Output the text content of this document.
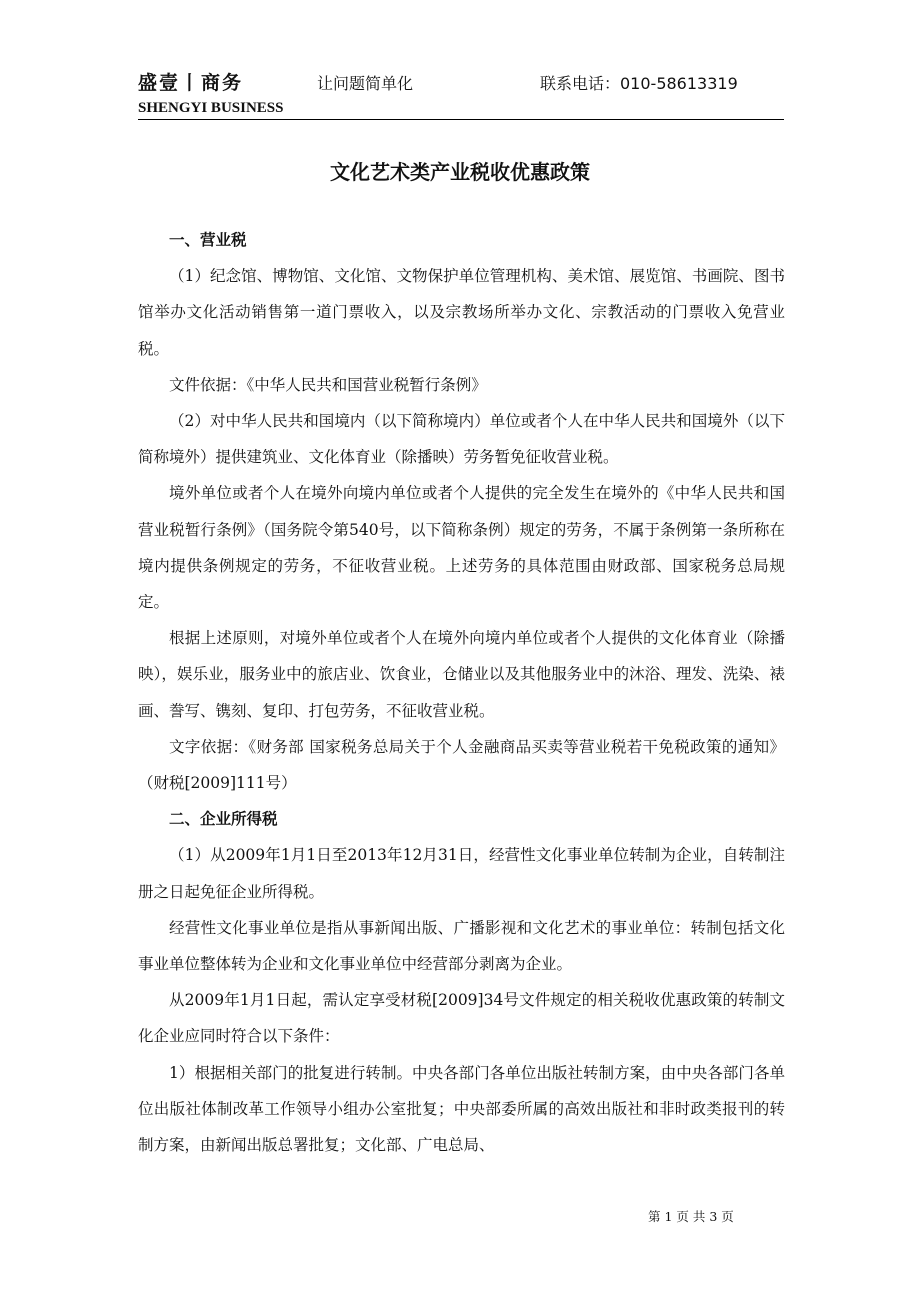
盛壹丨商务	让问题简单化	联系电话：010-58613319
SHENGYI BUSINESS
文化艺术类产业税收优惠政策

一、营业税

（1）纪念馆、博物馆、文化馆、文物保护单位管理机构、美术馆、展览馆、书画院、图书馆举办文化活动销售第一道门票收入，以及宗教场所举办文化、宗教活动的门票收入免营业税。

文件依据：《中华人民共和国营业税暂行条例》

（2）对中华人民共和国境内（以下简称境内）单位或者个人在中华人民共和国境外（以下简称境外）提供建筑业、文化体育业（除播映）劳务暂免征收营业税。

境外单位或者个人在境外向境内单位或者个人提供的完全发生在境外的《中华人民共和国营业税暂行条例》（国务院令第540号，以下简称条例）规定的劳务，不属于条例第一条所称在境内提供条例规定的劳务，不征收营业税。上述劳务的具体范围由财政部、国家税务总局规定。

根据上述原则，对境外单位或者个人在境外向境内单位或者个人提供的文化体育业（除播映），娱乐业，服务业中的旅店业、饮食业，仓储业以及其他服务业中的沐浴、理发、洗染、裱画、誊写、镌刻、复印、打包劳务，不征收营业税。

文字依据：《财务部 国家税务总局关于个人金融商品买卖等营业税若干免税政策的通知》（财税[2009]111号）

二、企业所得税

（1）从2009年1月1日至2013年12月31日，经营性文化事业单位转制为企业，自转制注册之日起免征企业所得税。

经营性文化事业单位是指从事新闻出版、广播影视和文化艺术的事业单位：转制包括文化事业单位整体转为企业和文化事业单位中经营部分剥离为企业。

从2009年1月1日起，需认定享受材税[2009]34号文件规定的相关税收优惠政策的转制文化企业应同时符合以下条件：

1）根据相关部门的批复进行转制。中央各部门各单位出版社转制方案，由中央各部门各单位出版社体制改革工作领导小组办公室批复；中央部委所属的高效出版社和非时政类报刊的转制方案，由新闻出版总署批复；文化部、广电总局、

第 1 页 共 3 页
